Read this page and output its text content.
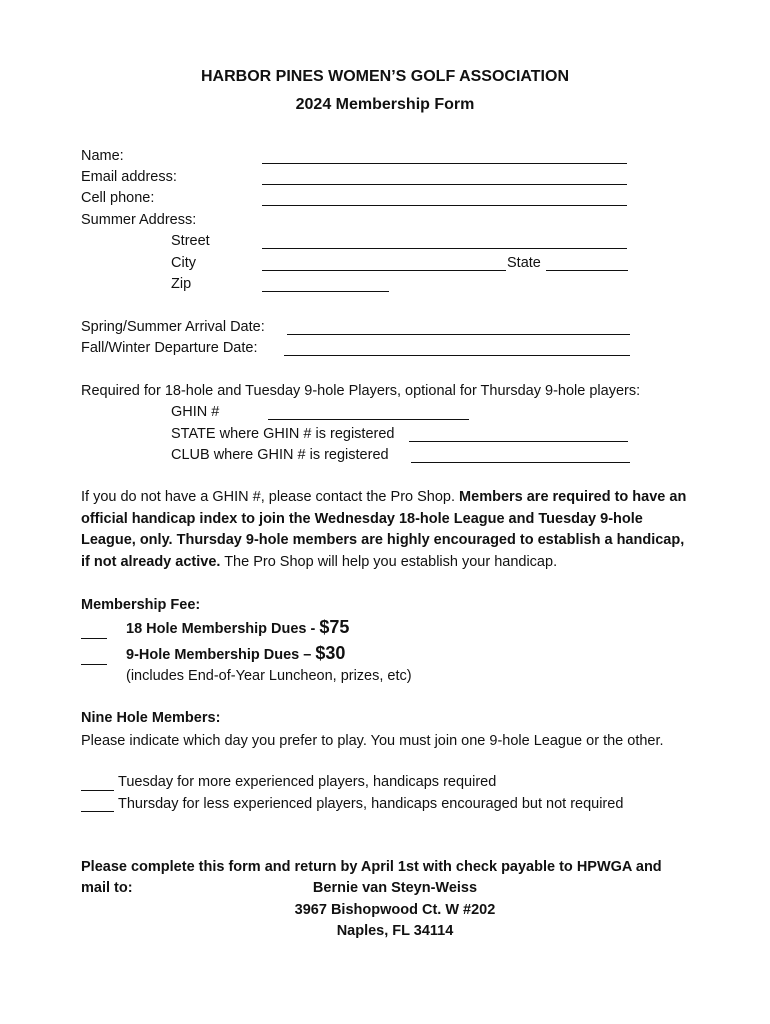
HARBOR PINES WOMEN’S GOLF ASSOCIATION
2024 Membership Form
Name:
Email address:
Cell phone:
Summer Address:
Street
City	State
Zip
Spring/Summer Arrival Date:
Fall/Winter Departure Date:
Required for 18-hole and Tuesday 9-hole Players, optional for Thursday 9-hole players:
GHIN #
STATE where GHIN # is registered
CLUB where GHIN # is registered
If you do not have a GHIN #, please contact the Pro Shop. Members are required to have an official handicap index to join the Wednesday 18-hole League and Tuesday 9-hole League, only. Thursday 9-hole members are highly encouraged to establish a handicap, if not already active. The Pro Shop will help you establish your handicap.
Membership Fee:
18 Hole Membership Dues - $75
9-Hole Membership Dues – $30
(includes End-of-Year Luncheon, prizes, etc)
Nine Hole Members:
Please indicate which day you prefer to play. You must join one 9-hole League or the other.
Tuesday for more experienced players, handicaps required
Thursday for less experienced players, handicaps encouraged but not required
Please complete this form and return by April 1st with check payable to HPWGA and
mail to:	Bernie van Steyn-Weiss
3967 Bishopwood Ct. W #202
Naples, FL 34114
